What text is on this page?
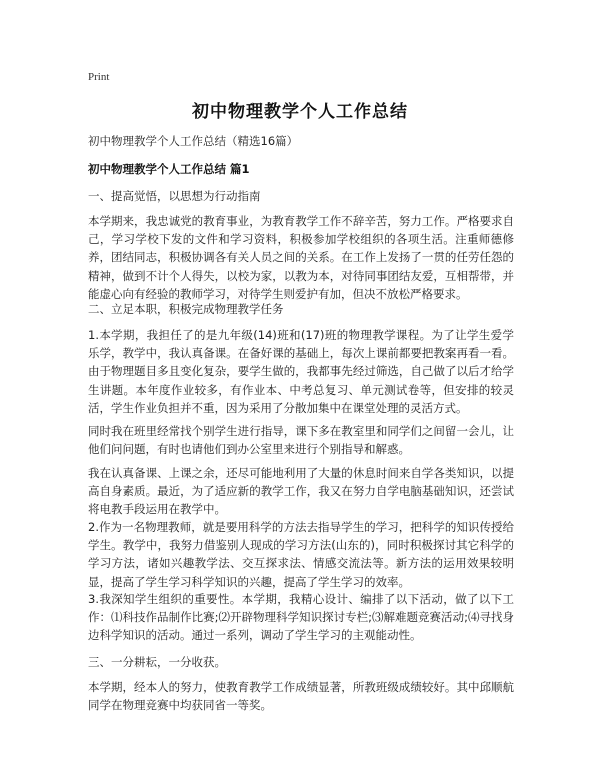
Print
初中物理教学个人工作总结

初中物理教学个人工作总结（精选16篇）

初中物理教学个人工作总结 篇1

一、提高觉悟，以思想为行动指南

本学期来，我忠诚党的教育事业，为教育教学工作不辞辛苦，努力工作。严格要求自己，学习学校下发的文件和学习资料，积极参加学校组织的各项生活。注重师德修养，团结同志，积极协调各有关人员之间的关系。在工作上发扬了一贯的任劳任怨的精神，做到不计个人得失，以校为家，以教为本，对待同事团结友爱，互相帮带，并能虚心向有经验的教师学习，对待学生则爱护有加，但决不放松严格要求。

二、立足本职，积极完成物理教学任务

1.本学期，我担任了的是九年级(14)班和(17)班的物理教学课程。为了让学生爱学乐学，教学中，我认真备课。在备好课的基础上，每次上课前都要把教案再看一看。由于物理题目多且变化复杂，要学生做的，我都事先经过筛选，自己做了以后才给学生讲题。本年度作业较多，有作业本、中考总复习、单元测试卷等，但安排的较灵活，学生作业负担并不重，因为采用了分散加集中在课堂处理的灵活方式。

同时我在班里经常找个别学生进行指导，课下多在教室里和同学们之间留一会儿，让他们问问题，有时也请他们到办公室里来进行个别指导和解惑。

我在认真备课、上课之余，还尽可能地利用了大量的休息时间来自学各类知识，以提高自身素质。最近，为了适应新的教学工作，我又在努力自学电脑基础知识，还尝试将电教手段运用在教学中。

2.作为一名物理教师，就是要用科学的方法去指导学生的学习，把科学的知识传授给学生。教学中，我努力借鉴别人现成的学习方法(山东的)，同时积极探讨其它科学的学习方法，诸如兴趣教学法、交互探求法、情感交流法等。新方法的运用效果较明显，提高了学生学习科学知识的兴趣，提高了学生学习的效率。

3.我深知学生组织的重要性。本学期，我精心设计、编排了以下活动，做了以下工作：⑴科技作品制作比赛;⑵开辟物理科学知识探讨专栏;⑶解难题竞赛活动;⑷寻找身边科学知识的活动。通过一系列，调动了学生学习的主观能动性。

三、一分耕耘，一分收获。

本学期，经本人的努力，使教育教学工作成绩显著，所教班级成绩较好。其中邱顺航同学在物理竞赛中均获同省一等奖。
